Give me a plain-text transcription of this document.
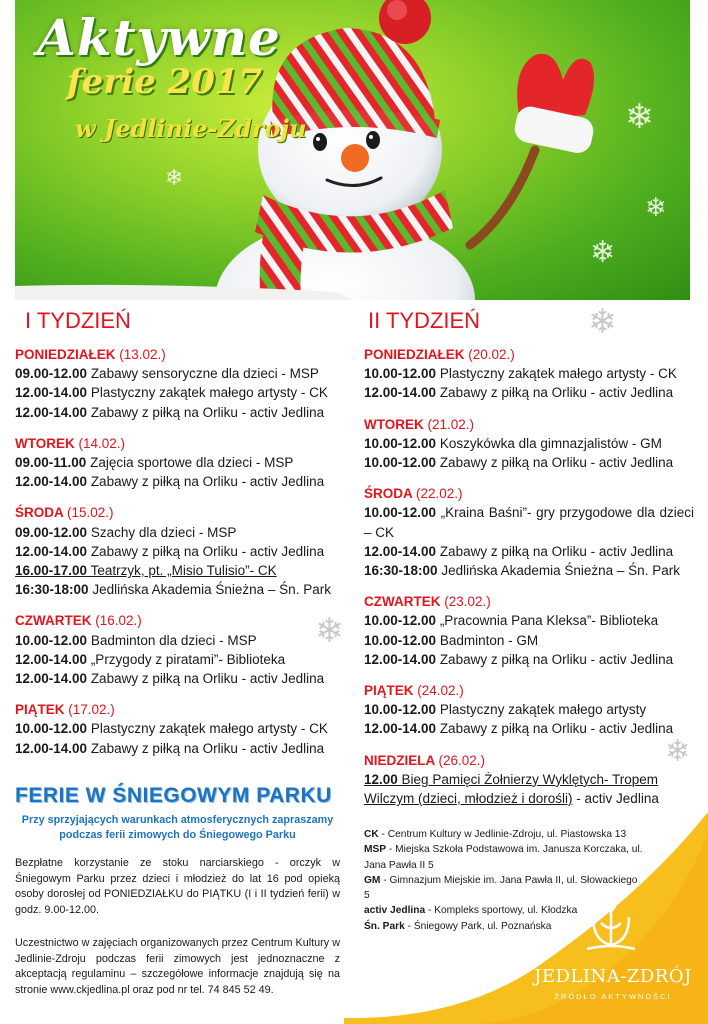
❄
❄
❄
❄
Aktywne
ferie 2017
w Jedlinie-Zdroju
I TYDZIEŃ	II TYDZIEŃ	❄
❄
❄
PONIEDZIAŁEK (13.02.)
09.00-12.00 Zabawy sensoryczne dla dzieci - MSP
12.00-14.00 Plastyczny zakątek małego artysty - CK
12.00-14.00 Zabawy z piłką na Orliku - activ Jedlina
WTOREK (14.02.)
09.00-11.00 Zajęcia sportowe dla dzieci - MSP
12.00-14.00 Zabawy z piłką na Orliku - activ Jedlina
ŚRODA (15.02.)
09.00-12.00 Szachy dla dzieci - MSP
12.00-14.00 Zabawy z piłką na Orliku - activ Jedlina
16.00-17.00 Teatrzyk, pt. „Misio Tulisio”- CK
16:30-18:00 Jedlińska Akademia Śnieżna – Śn. Park
CZWARTEK (16.02.)
10.00-12.00 Badminton dla dzieci - MSP
12.00-14.00 „Przygody z piratami”- Biblioteka
12.00-14.00 Zabawy z piłką na Orliku - activ Jedlina
PIĄTEK (17.02.)
10.00-12.00 Plastyczny zakątek małego artysty - CK
12.00-14.00 Zabawy z piłką na Orliku - activ Jedlina
PONIEDZIAŁEK (20.02.)
10.00-12.00 Plastyczny zakątek małego artysty - CK
12.00-14.00 Zabawy z piłką na Orliku - activ Jedlina
WTOREK (21.02.)
10.00-12.00 Koszykówka dla gimnazjalistów - GM
10.00-12.00 Zabawy z piłką na Orliku - activ Jedlina
ŚRODA (22.02.)
10.00-12.00 „Kraina Baśni”- gry przygodowe dla dzieci – CK
12.00-14.00 Zabawy z piłką na Orliku - activ Jedlina
16:30-18:00 Jedlińska Akademia Śnieżna – Śn. Park
CZWARTEK (23.02.)
10.00-12.00 „Pracownia Pana Kleksa”- Biblioteka
10.00-12.00 Badminton - GM
12.00-14.00 Zabawy z piłką na Orliku - activ Jedlina
PIĄTEK (24.02.)
10.00-12.00 Plastyczny zakątek małego artysty
12.00-14.00 Zabawy z piłką na Orliku - activ Jedlina
NIEDZIELA (26.02.)
12.00 Bieg Pamięci Żołnierzy Wyklętych- Tropem Wilczym (dzieci, młodzież i dorośli) - activ Jedlina
FERIE W ŚNIEGOWYM PARKU
Przy sprzyjających warunkach atmosferycznych zapraszamy podczas ferii zimowych do Śniegowego Parku
Bezpłatne korzystanie ze stoku narciarskiego - orczyk w Śniegowym Parku przez dzieci i młodzież do lat 16 pod opieką osoby dorosłej od PONIEDZIAŁKU do PIĄTKU (I i II tydzień ferii) w godz. 9.00-12.00.
Uczestnictwo w zajęciach organizowanych przez Centrum Kultury w Jedlinie-Zdroju podczas ferii zimowych jest jednoznaczne z akceptacją regulaminu – szczegółowe informacje znajdują się na stronie www.ckjedlina.pl oraz pod nr tel. 74 845 52 49.
CK - Centrum Kultury w Jedlinie-Zdroju, ul. Piastowska 13
MSP - Miejska Szkoła Podstawowa im. Janusza Korczaka, ul. Jana Pawła II 5
GM - Gimnazjum Miejskie im. Jana Pawła II, ul. Słowackiego 5
activ Jedlina - Kompleks sportowy, ul. Kłodzka
Śn. Park - Śniegowy Park, ul. Poznańska

JEDLINA-ZDRÓJ
ŹRÓDŁO AKTYWNOŚCI
